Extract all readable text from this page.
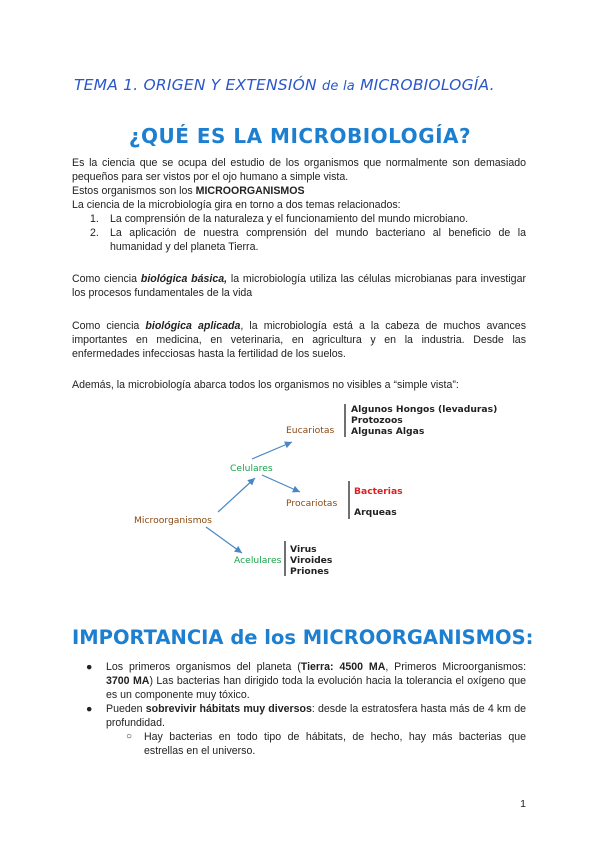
TEMA 1. ORIGEN Y EXTENSIÓN de la MICROBIOLOGÍA.
¿QUÉ ES LA MICROBIOLOGÍA?

Es la ciencia que se ocupa del estudio de los organismos que normalmente son demasiado pequeños para ser vistos por el ojo humano a simple vista.

Estos organismos son los MICROORGANISMOS

La ciencia de la microbiología gira en torno a dos temas relacionados:

1. La comprensión de la naturaleza y el funcionamiento del mundo microbiano.
2. La aplicación de nuestra comprensión del mundo bacteriano al beneficio de la humanidad y del planeta Tierra.
Como ciencia biológica básica, la microbiología utiliza las células microbianas para investigar los procesos fundamentales de la vida
Como ciencia biológica aplicada, la microbiología está a la cabeza de muchos avances importantes en medicina, en veterinaria, en agricultura y en la industria. Desde las enfermedades infecciosas hasta la fertilidad de los suelos.
Además, la microbiología abarca todos los organismos no visibles a “simple vista”:
Microorganismos
Celulares
Acelulares
Eucariotas
Procariotas
Algunos Hongos (levaduras)
Protozoos
Algunas Algas
Bacterias
Arqueas
Virus
Viroides
Priones
IMPORTANCIA de los MICROORGANISMOS:
● Los primeros organismos del planeta (Tierra: 4500 MA, Primeros Microorganismos: 3700 MA) Las bacterias han dirigido toda la evolución hacia la tolerancia el oxígeno que es un componente muy tóxico.
● Pueden sobrevivir hábitats muy diversos: desde la estratosfera hasta más de 4 km de profundidad.
○ Hay bacterias en todo tipo de hábitats, de hecho, hay más bacterias que estrellas en el universo.
1
